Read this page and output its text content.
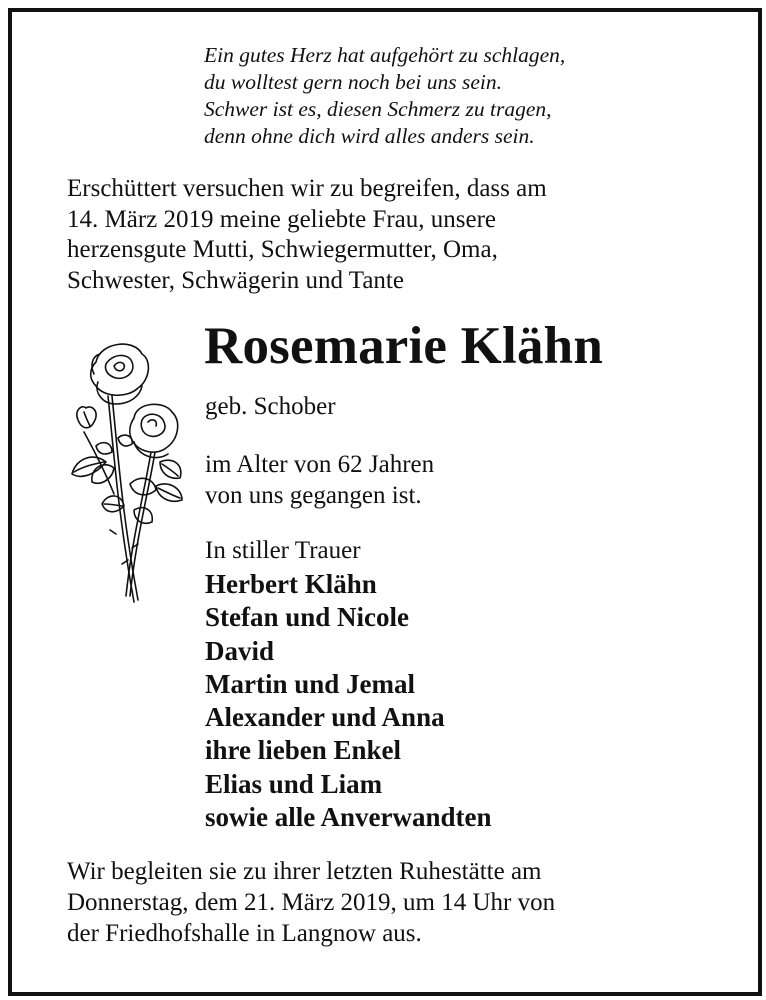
Ein gutes Herz hat aufgehört zu schlagen,
du wolltest gern noch bei uns sein.
Schwer ist es, diesen Schmerz zu tragen,
denn ohne dich wird alles anders sein.
Erschüttert versuchen wir zu begreifen, dass am
14. März 2019 meine geliebte Frau, unsere
herzensgute Mutti, Schwiegermutter, Oma,
Schwester, Schwägerin und Tante
Rosemarie Klähn
geb. Schober
im Alter von 62 Jahren
von uns gegangen ist.
In stiller Trauer
Herbert Klähn
Stefan und Nicole
David
Martin und Jemal
Alexander und Anna
ihre lieben Enkel
Elias und Liam
sowie alle Anverwandten
Wir begleiten sie zu ihrer letzten Ruhestätte am
Donnerstag, dem 21. März 2019, um 14 Uhr von
der Friedhofshalle in Langnow aus.
